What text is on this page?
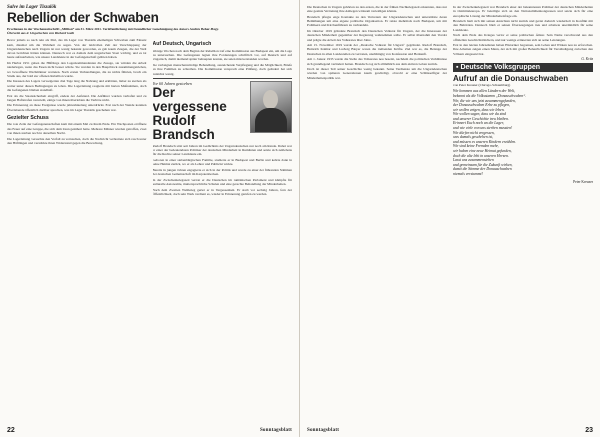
Salve im Lager Tiszalök

Rebellion der Schwaben

Erschienen in der Wochenzeitschrift „Million“ am 31. März 2011. Veröffentlichung mit freundlicher Genehmigung des Autors Andrés Behar-Hegy.

Übersetzt aus d. Ungarischen von Richard Guth

Bevor jemals so nach rein als Mal, das im Lager von Tiszalök ehemaligen Schwaben zum Einsatz kam, diesmal um die Wahrheit zu sagen. Von der leidvollen Zeit der Verschleppung der Ungarndeutschen nach Ungarn ist nur wenig bekannt geworden, es gab kaum Zeugen, die der Welt davon berichten hätten können. Dennoch war es damals dem ungarischen Staat wichtig, und es ist heute aufzuarbeiten, wie unsere Landsleute in der Gefangenschaft gelitten haben.

Im Herbst 1951 gaben die Häftlinge den Lagerkommandanten die Zusage, sie würden die Arbeit niederlegen, wenn das Essen nicht besser würde. Sie wurden in den Hauptblock zusammengetrieben, wo bewaffnete Wachmänner warteten. Nach ersten Verhandlungen, die zu nichts führten, brach ein Streik aus, der bald zur offenen Rebellion wurde.

Die Insassen des Lagers verweigerten drei Tage lang die Nahrung und erklärten, lieber zu sterben als weiter unter diesen Bedingungen zu leben. Die Lagerleitung reagierte mit harten Maßnahmen, doch die Gefangenen blieben standhaft.

Erst als die Staatssicherheit eingriff, endete der Aufstand. Die Anführer wurden verhaftet und zu langen Haftstrafen verurteilt, einige von ihnen überlebten die Verhöre nicht.

Die Erinnerung an diese Ereignisse wurde jahrzehntelang unterdrückt. Erst nach der Wende konnten Überlebende öffentlich darüber sprechen, was im Lager Tiszalök geschehen war.

Gezielter Schuss

Die rote Zeile der Gefangenenschaften kam mit einem Mal zu ihrem Ende. Ein Wachposten eröffnete das Feuer auf eine Gruppe, die sich dem Zaun genähert hatte. Mehrere Männer wurden getroffen, zwei von ihnen starben noch in derselben Nacht.

Die Lagerleitung versuchte den Vorfall zu vertuschen, doch die Nachricht verbreitete sich rasch unter den Häftlingen und verstärkte ihren Widerstand gegen die Bewachung.

Auf Deutsch, Ungarisch

Wenige Wochen nach dem Beginn der Rebellion traf eine Kommission aus Budapest ein, um die Lage zu untersuchen. Die Gefangenen legten ihre Forderungen schriftlich vor, auf Deutsch und auf Ungarisch, damit niemand später behaupten konnte, sie seien missverstanden worden.

Sie verlangten menschenwürdige Behandlung, ausreichende Verpflegung und die Möglichkeit, Briefe an ihre Familien zu schreiben. Die Kommission versprach eine Prüfung, doch geändert hat sich zunächst wenig.

Vor 60 Jahren gestorben

Der vergessene Rudolf Brandsch

Rudolf Brandsch sitzt seit Jahren im Gedächtnis der Ungarndeutschen nur noch am Rande. Dabei war er einer der bedeutendsten Politiker der deutschen Minderheit in Rumänien und setzte sich zeitlebens für die Rechte seiner Landsleute ein.

Geboren in einer siebenbürgischen Familie, studierte er in Budapest und Berlin und kehrte dann in seine Heimat zurück, wo er als Lehrer und Publizist wirkte.

Bereits in jungen Jahren engagierte er sich in der Politik und wurde zu einer der führenden Stimmen der deutschen Gemeinschaft im Karpatenbecken.

In der Zwischenkriegszeit vertrat er die Deutschen im rumänischen Parlament und kämpfte für kulturelle Autonomie, muttersprachliche Schulen und eine gerechte Behandlung der Minderheiten.

Nach dem Zweiten Weltkrieg geriet er in Vergessenheit. Er starb vor sechzig Jahren, fern der Öffentlichkeit, doch sein Werk verdient es, wieder in Erinnerung gerufen zu werden.

22	Sonntagsblatt

Die Deutschen in Ungarn gehörten zu den ersten, die in der frühen Nachkriegszeit erkannten, dass nur eine geeinte Vertretung ihre Anliegen wirksam verteidigen könnte.

Brandsch pflegte enge Kontakte zu den Vertretern der Ungarndeutschen und unterstützte deren Bemühungen um eine eigene politische Organisation. Er reiste mehrmals nach Budapest, um mit Politikern und Kirchenführern zu verhandeln.

Im Oktober 1919 gründete Brandsch den Deutschen Volksrat für Ungarn, der die Interessen der deutschen Minderheit gegenüber der Regierung wahrnehmen sollte. Er selbst übernahm den Vorsitz und prägte die Arbeit des Volksrates über Jahre.

Am 15. November 1919 wurde der „Deutsche Volksrat für Ungarn“ gegründet. Rudolf Brandsch, Heinrich Kalmar und Ludwig Bleyer waren die treibenden Kräfte. Ziel war es, die Belange der Deutschen in allen Landesteilen zu vertreten, unabhängig von Konfession und Herkunft.

Am 1. Januar 1933 wurde die Stelle des Volksrates neu besetzt, nachdem die politischen Verhältnisse sich grundlegend verändert hatten. Brandsch zog sich allmählich aus dem aktiven Leben zurück.

Doch ist dieser Teil seiner Geschichte wenig bekannt. Seine Verdienste um die Ungarndeutschen wurden von späteren Generationen kaum gewürdigt, obwohl er eine Schlüsselfigur der Minderheitenpolitik war.

In der Zwischenkriegszeit war Brandsch einer der bekanntesten Politiker der deutschen Minderheiten in Ostmitteleuropa. Er beteiligte sich an den Nationalitätenkongressen und setzte sich für eine europäische Lösung der Minderheitenfrage ein.

Brandsch hielt sich mit seinen Ansichten nicht zurück und geriet dadurch wiederholt in Konflikt mit den Behörden. Dennoch blieb er seinen Überzeugungen treu und arbeitete unermüdlich für seine Landsleute.

Nach dem Ende des Krieges verlor er seine politischen Ämter. Sein Name verschwand aus den offiziellen Geschichtsbüchern, und nur wenige erinnerten sich an seine Leistungen.

Erst in den letzten Jahrzehnten haben Historiker begonnen, sein Leben und Wirken neu zu erforschen. Ihre Arbeiten zeigen einen Mann, der sich mit großer Beharrlichkeit für Verständigung zwischen den Völkern eingesetzt hat.

G. Kritz

▪ Deutsche Volksgruppen
Aufruf an die Donauschwaben

von Peter Kreuzer (Chicago-Schaumburg)

Wir kommen aus allen Ländern der Welt,
bekannt als die Volksstamm „Donauschwaben“.
Wir, die wir uns jetzt zusammengefunden,
der Donauschwaben Erbe zu pflegen,
wir wollen zeigen, dass wir leben.
Wir wollen sagen, dass wir da sind
und unserer Geschichte treu bleiben.
Erinnert Euch noch an die Lager,
und wie viele von uns sterben mussten!
Wir dürfen nicht vergessen,
was damals geschehen ist,
und müssen es unseren Kindern erzählen.
Wir sind keine Fremden mehr,
wir haben eine neue Heimat gefunden,
doch die alte lebt in unseren Herzen.
Lasst uns zusammenstehen
und gemeinsam für die Zukunft wirken,
damit die Stimme der Donauschwaben
niemals verstummt!

Peter Kreuzer

Sonntagsblatt	23
